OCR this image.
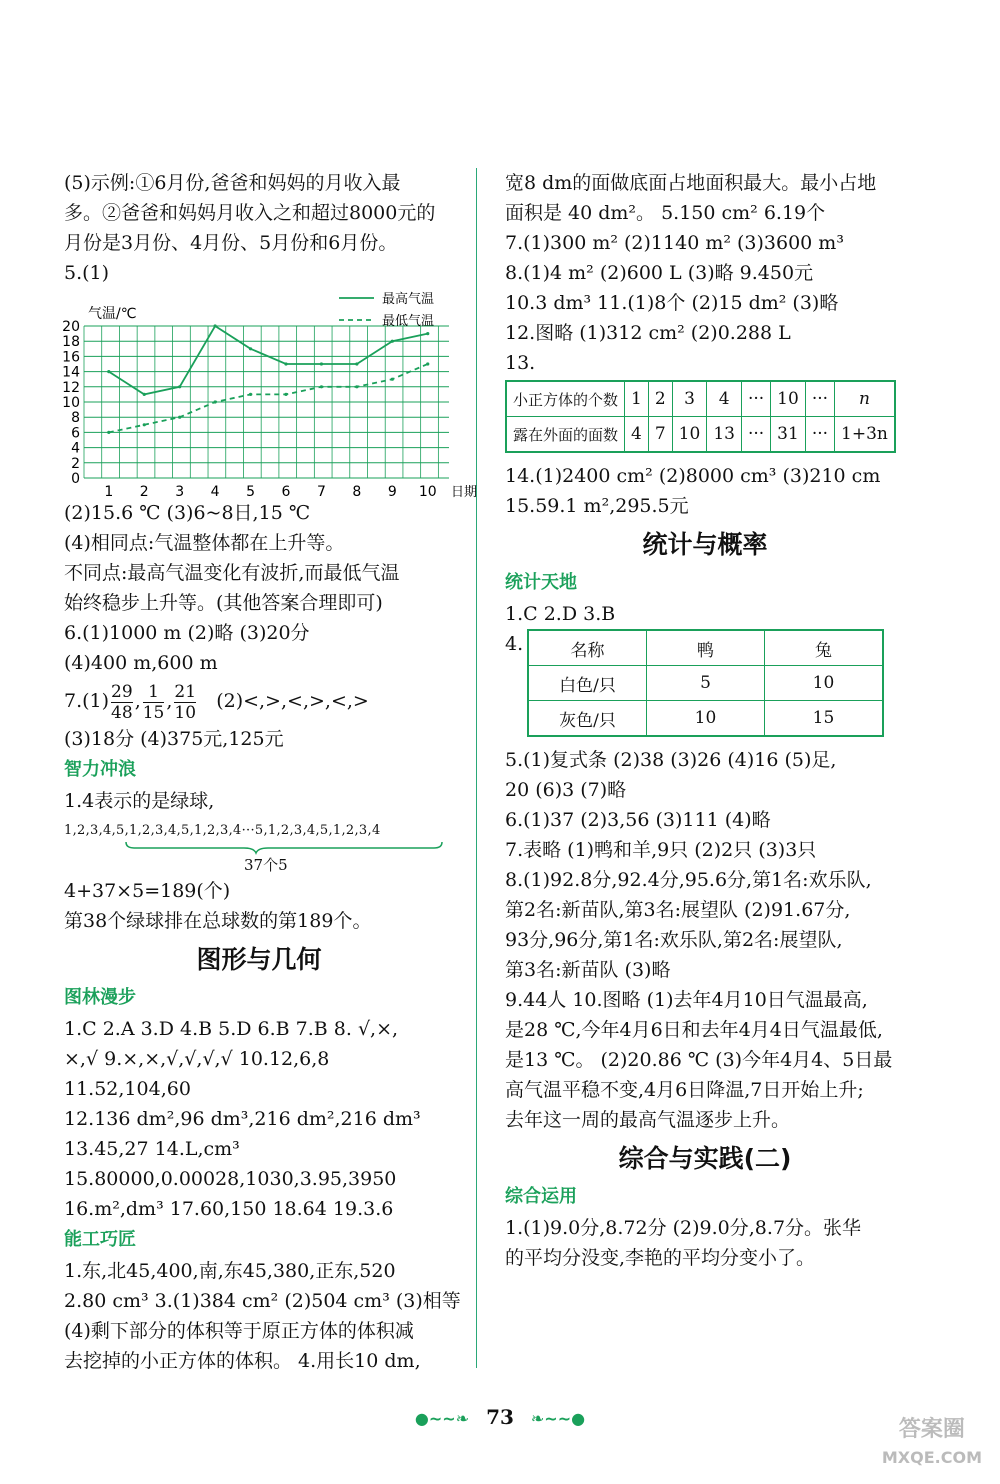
(5)示例:①6月份,爸爸和妈妈的月收入最
多。②爸爸和妈妈月收入之和超过8000元的
月份是3月份、4月份、5月份和6月份。
5.(1)
0
2
4
6
8
10
12
14
16
18
20
1 2 3 4 5 6 7 8 9 10 日期
气温/℃
最高气温
最低气温
(2)15.6 ℃ (3)6~8日,15 ℃
(4)相同点:气温整体都在上升等。
不同点:最高气温变化有波折,而最低气温
始终稳步上升等。(其他答案合理即可)
6.(1)1000 m (2)略 (3)20分
(4)400 m,600 m
$7.(1) \frac{29}{48}$ , $\frac{1}{15}$ , $\frac{21}{10} (2)<,>,<,>,<,>$
(3)18分 (4)375元,125元
智力冲浪
1.4表示的是绿球,
1,2,3,4,5,1,2,3,4,5,1,2,3,4···5,1,2,3,4,5,1,2,3,4
37个5
4+37×5=189(个)
第38个绿球排在总球数的第189个。
图形与几何
图林漫步
1.C 2.A 3.D 4.B 5.D 6.B 7.B 8. √,×,
×,√ 9.×,×,√,√,√,√ 10.12,6,8
11.52,104,60
12.136 dm²,96 dm³,216 dm²,216 dm³
13.45,27 14.L,cm³
15.80000,0.00028,1030,3.95,3950
16.m²,dm³ 17.60,150 18.64 19.3.6
能工巧匠
1.东,北45,400,南,东45,380,正东,520
2.80 cm³ 3.(1)384 cm² (2)504 cm³ (3)相等
(4)剩下部分的体积等于原正方体的体积减
去挖掉的小正方体的体积。 4.用长10 dm,
宽8 dm的面做底面占地面积最大。最小占地
面积是 40 dm²。 5.150 cm² 6.19个
7.(1)300 m² (2)1140 m² (3)3600 m³
8.(1)4 m² (2)600 L (3)略 9.450元
10.3 dm³ 11.(1)8个 (2)15 dm² (3)略
12.图略 (1)312 cm² (2)0.288 L
13.
小正方体的个数	1	2	3	4	···	10	···	n
露在外面的面数	4	7	10	13	···	31	···	1+3n
14.(1)2400 cm² (2)8000 cm³ (3)210 cm
15.59.1 m²,295.5元
统计与概率
统计天地
1.C 2.D 3.B
4.	名称	鸭	兔
白色/只	5	10
灰色/只	10	15
5.(1)复式条 (2)38 (3)26 (4)16 (5)足,
20 (6)3 (7)略
6.(1)37 (2)3,56 (3)111 (4)略
7.表略 (1)鸭和羊,9只 (2)2只 (3)3只
8.(1)92.8分,92.4分,95.6分,第1名:欢乐队,
第2名:新苗队,第3名:展望队 (2)91.67分,
93分,96分,第1名:欢乐队,第2名:展望队,
第3名:新苗队 (3)略
9.44人 10.图略 (1)去年4月10日气温最高,
是28 ℃,今年4月6日和去年4月4日气温最低,
是13 ℃。 (2)20.86 ℃ (3)今年4月4、5日最
高气温平稳不变,4月6日降温,7日开始上升;
去年这一周的最高气温逐步上升。
综合与实践(二)
综合运用
1.(1)9.0分,8.72分 (2)9.0分,8.7分。张华
的平均分没变,李艳的平均分变小了。
●~~❧ 73 ❧~~●	答案圈
MXQE.COM
